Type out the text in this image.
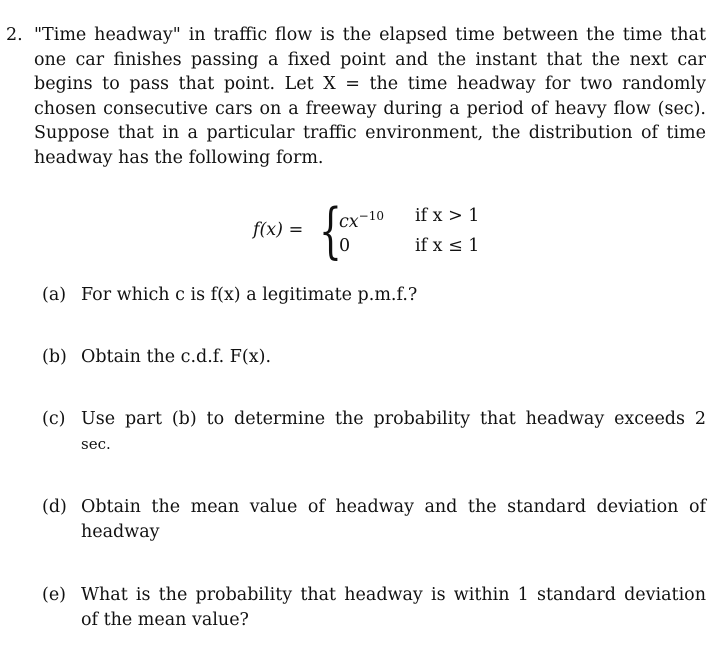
2. "Time headway" in traffic flow is the elapsed time between the time that
one car finishes passing a fixed point and the instant that the next car
begins to pass that point. Let X = the time headway for two randomly
chosen consecutive cars on a freeway during a period of heavy flow (sec).
Suppose that in a particular traffic environment, the distribution of time
headway has the following form.
f(x) = {
$cx^{-10}$
0
if x > 1
if x ≤ 1
(a) For which c is f(x) a legitimate p.m.f.?
(b) Obtain the c.d.f. F(x).
(c) Use part (b) to determine the probability that headway exceeds 2
sec.
(d) Obtain the mean value of headway and the standard deviation of
headway
(e) What is the probability that headway is within 1 standard deviation
of the mean value?
